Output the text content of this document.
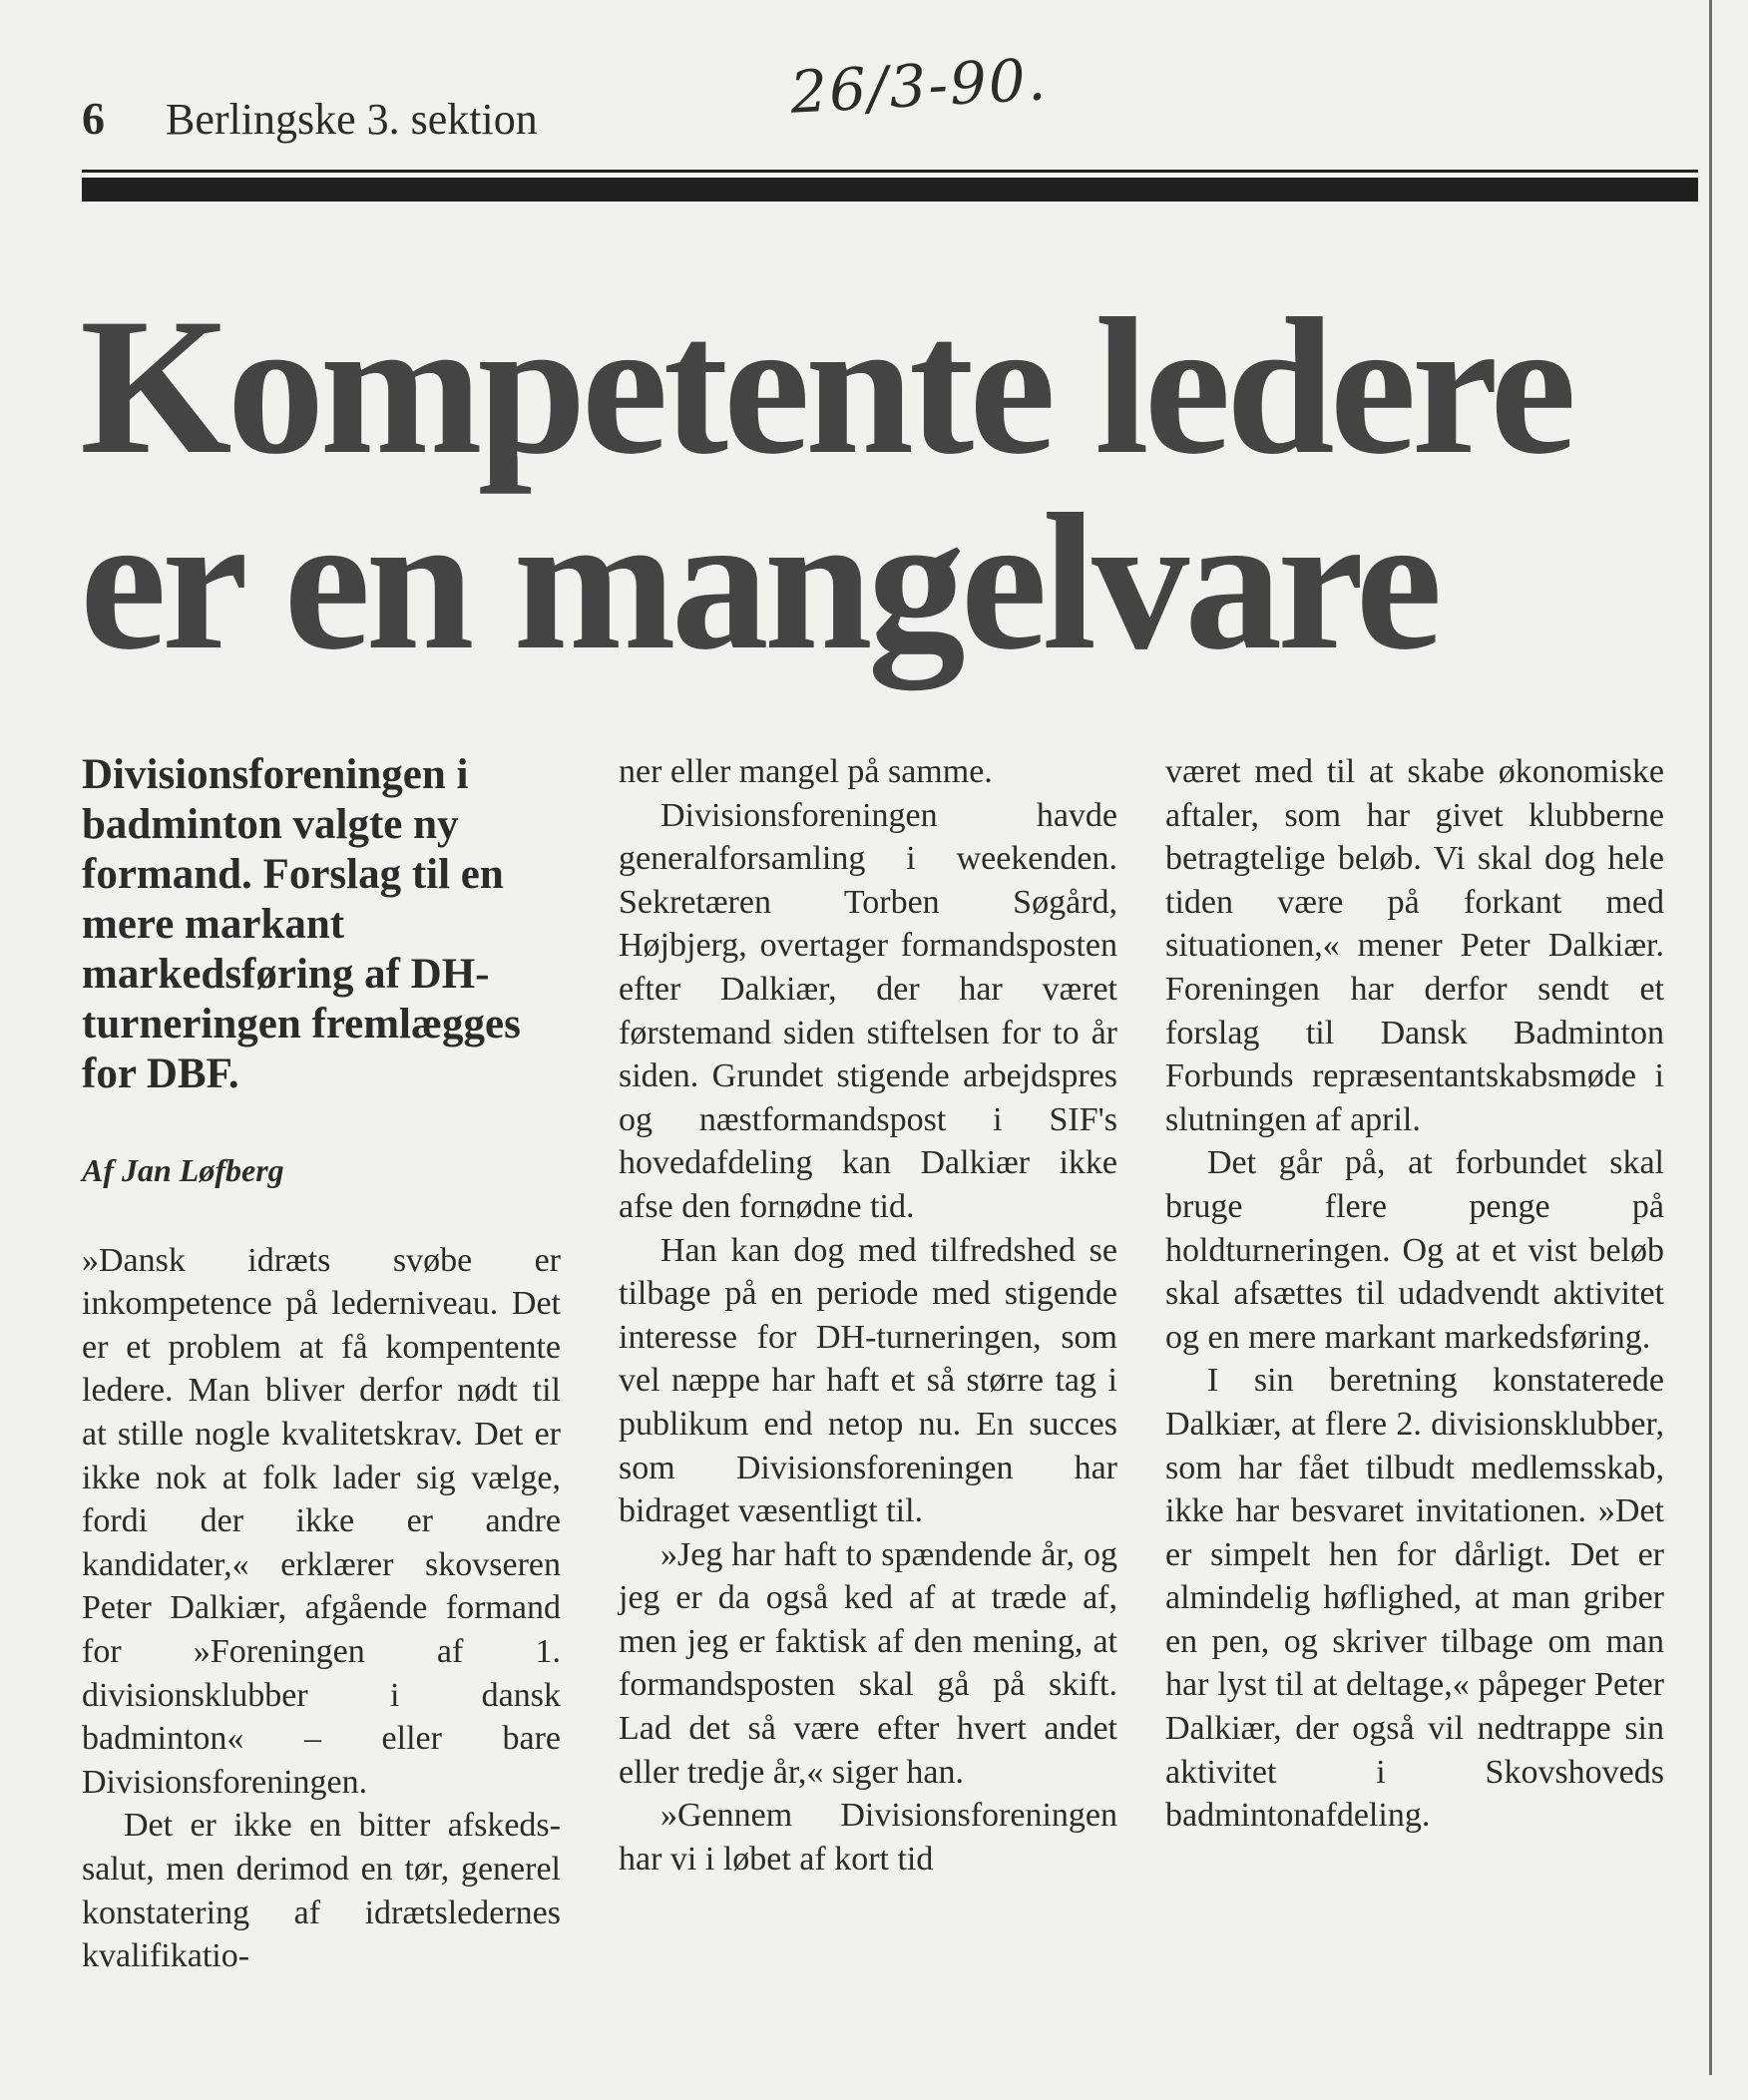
6 Berlingske 3. sektion	26/3-90.
Kompetente ledere
er en mangelvare

Divisionsforeningen i badminton valgte ny formand. Forslag til en mere markant markedsføring af DH-turneringen fremlægges for DBF.

Af Jan Løfberg

»Dansk idræts svøbe er inkompetence på lederniveau. Det er et problem at få kompentente ledere. Man bliver derfor nødt til at stille nogle kvalitetskrav. Det er ikke nok at folk lader sig vælge, fordi der ikke er andre kandidater,« erklærer skovseren Peter Dalkiær, afgående formand for »Foreningen af 1. divisionsklubber i dansk badminton« – eller bare Divisionsforeningen.

Det er ikke en bitter afskeds-salut, men derimod en tør, generel konstatering af idrætsledernes kvalifikatio-

ner eller mangel på samme.

Divisionsforeningen havde generalforsamling i weekenden. Sekretæren Torben Søgård, Højbjerg, overtager formandsposten efter Dalkiær, der har været førstemand siden stiftelsen for to år siden. Grundet stigende arbejdspres og næstformandspost i SIF's hovedafdeling kan Dalkiær ikke afse den fornødne tid.

Han kan dog med tilfredshed se tilbage på en periode med stigende interesse for DH-turneringen, som vel næppe har haft et så større tag i publikum end netop nu. En succes som Divisionsforeningen har bidraget væsentligt til.

»Jeg har haft to spændende år, og jeg er da også ked af at træde af, men jeg er faktisk af den mening, at formandsposten skal gå på skift. Lad det så være efter hvert andet eller tredje år,« siger han.

»Gennem Divisionsforeningen har vi i løbet af kort tid

været med til at skabe økonomiske aftaler, som har givet klubberne betragtelige beløb. Vi skal dog hele tiden være på forkant med situationen,« mener Peter Dalkiær. Foreningen har derfor sendt et forslag til Dansk Badminton Forbunds repræsentantskabsmøde i slutningen af april.

Det går på, at forbundet skal bruge flere penge på holdturneringen. Og at et vist beløb skal afsættes til udadvendt aktivitet og en mere markant markedsføring.

I sin beretning konstaterede Dalkiær, at flere 2. divisionsklubber, som har fået tilbudt medlemsskab, ikke har besvaret invitationen. »Det er simpelt hen for dårligt. Det er almindelig høflighed, at man griber en pen, og skriver tilbage om man har lyst til at deltage,« påpeger Peter Dalkiær, der også vil nedtrappe sin aktivitet i Skovshoveds badmintonafdeling.
